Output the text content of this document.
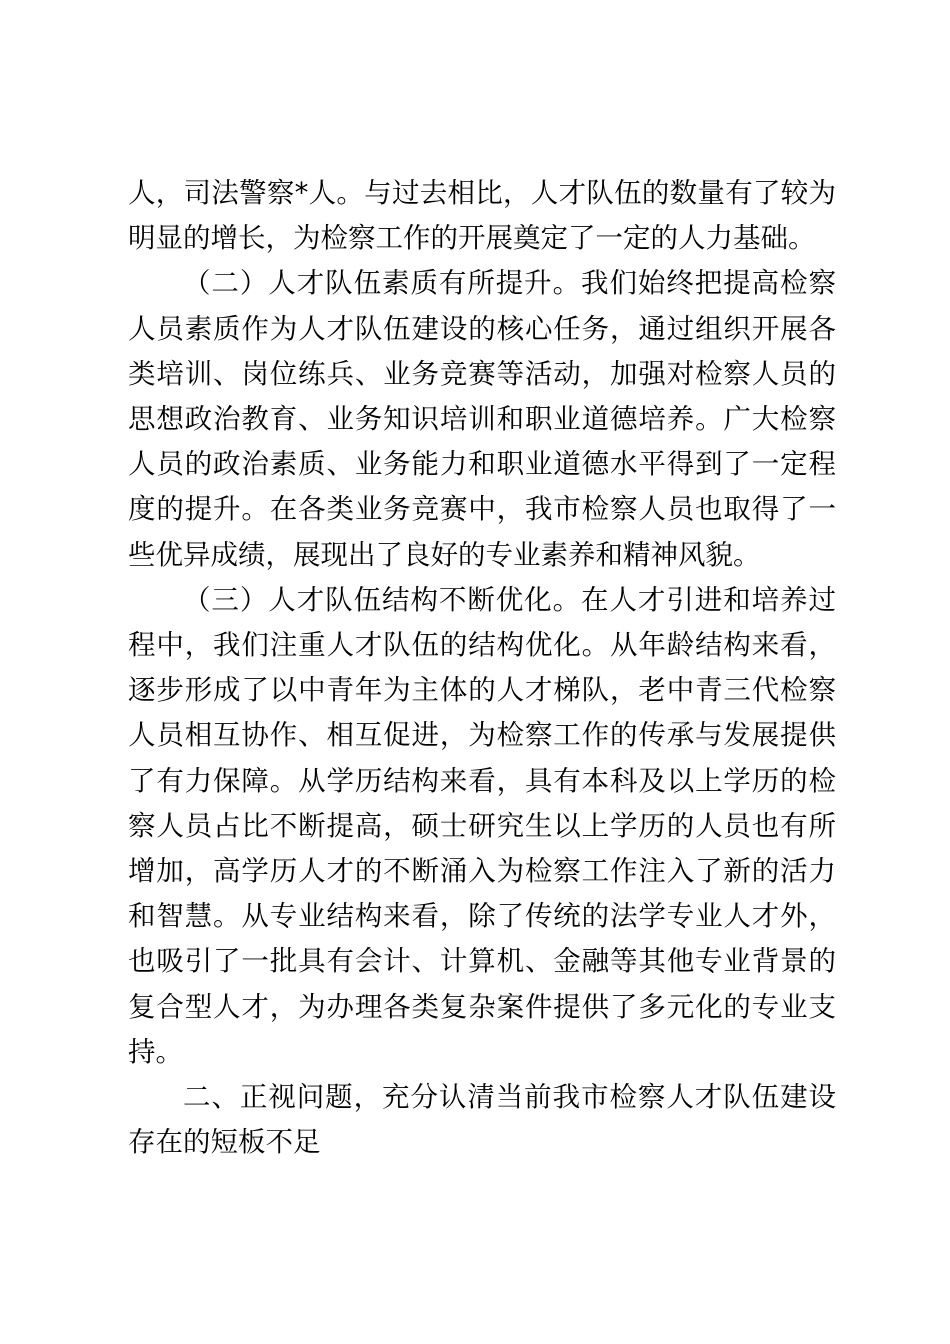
人，司法警察*人。与过去相比，人才队伍的数量有了较为明显的增长，为检察工作的开展奠定了一定的人力基础。

（二）人才队伍素质有所提升。我们始终把提高检察人员素质作为人才队伍建设的核心任务，通过组织开展各类培训、岗位练兵、业务竞赛等活动，加强对检察人员的思想政治教育、业务知识培训和职业道德培养。广大检察人员的政治素质、业务能力和职业道德水平得到了一定程度的提升。在各类业务竞赛中，我市检察人员也取得了一些优异成绩，展现出了良好的专业素养和精神风貌。

（三）人才队伍结构不断优化。在人才引进和培养过程中，我们注重人才队伍的结构优化。从年龄结构来看，逐步形成了以中青年为主体的人才梯队，老中青三代检察人员相互协作、相互促进，为检察工作的传承与发展提供了有力保障。从学历结构来看，具有本科及以上学历的检察人员占比不断提高，硕士研究生以上学历的人员也有所增加，高学历人才的不断涌入为检察工作注入了新的活力和智慧。从专业结构来看，除了传统的法学专业人才外，也吸引了一批具有会计、计算机、金融等其他专业背景的复合型人才，为办理各类复杂案件提供了多元化的专业支持。

二、正视问题，充分认清当前我市检察人才队伍建设存在的短板不足
